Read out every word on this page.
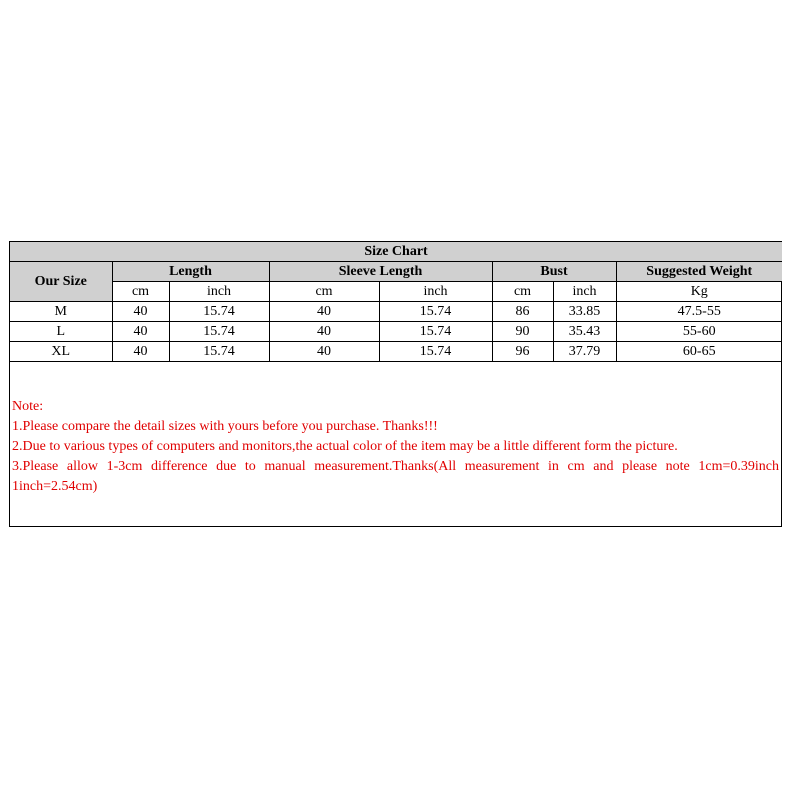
Size Chart							
Our Size	Length		Sleeve Length		Bust		Suggested Weight
	cm	inch	cm	inch	cm	inch	Kg
M	40	15.74	40	15.74	86	33.85	47.5-55
L	40	15.74	40	15.74	90	35.43	55-60
XL	40	15.74	40	15.74	96	37.79	60-65
Note:
1.Please compare the detail sizes with yours before you purchase. Thanks!!!
2.Due to various types of computers and monitors,the actual color of the item may be a little different form the picture.
3.Please allow 1-3cm difference due to manual measurement.Thanks(All measurement in cm and please note 1cm=0.39inch
1inch=2.54cm)
